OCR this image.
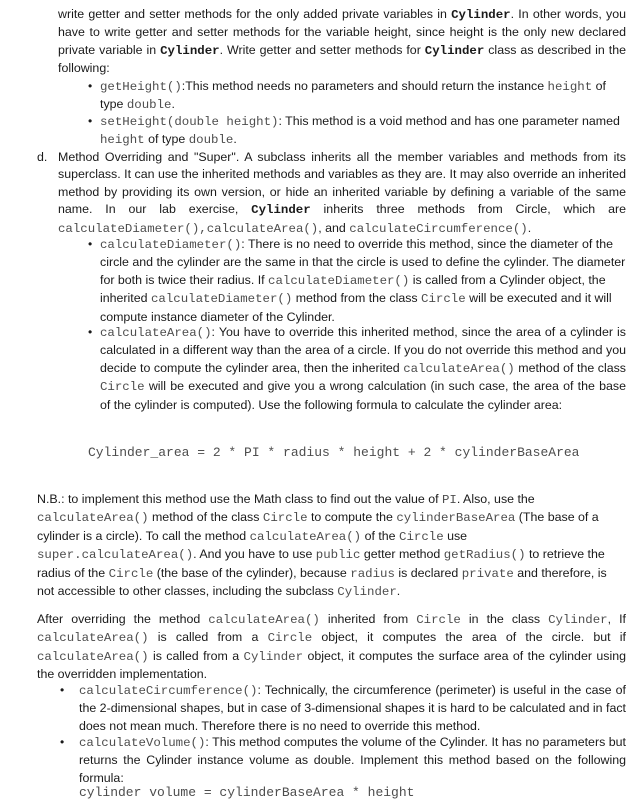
write getter and setter methods for the only added private variables in Cylinder. In other words, you have to write getter and setter methods for the variable height, since height is the only new declared private variable in Cylinder. Write getter and setter methods for Cylinder class as described in the following:
• getHeight():This method needs no parameters and should return the instance height of type double.
• setHeight(double height): This method is a void method and has one parameter named height of type double.
d. Method Overriding and "Super". A subclass inherits all the member variables and methods from its superclass. It can use the inherited methods and variables as they are. It may also override an inherited method by providing its own version, or hide an inherited variable by defining a variable of the same name. In our lab exercise, Cylinder inherits three methods from Circle, which are calculateDiameter(),calculateArea(), and calculateCircumference().
• calculateDiameter(): There is no need to override this method, since the diameter of the circle and the cylinder are the same in that the circle is used to define the cylinder. The diameter for both is twice their radius. If calculateDiameter() is called from a Cylinder object, the inherited calculateDiameter() method from the class Circle will be executed and it will compute instance diameter of the Cylinder.
• calculateArea(): You have to override this inherited method, since the area of a cylinder is calculated in a different way than the area of a circle. If you do not override this method and you decide to compute the cylinder area, then the inherited calculateArea() method of the class Circle will be executed and give you a wrong calculation (in such case, the area of the base of the cylinder is computed). Use the following formula to calculate the cylinder area:
Cylinder_area = 2 * PI * radius * height + 2 * cylinderBaseArea
N.B.: to implement this method use the Math class to find out the value of PI. Also, use the calculateArea() method of the class Circle to compute the cylinderBaseArea (The base of a cylinder is a circle). To call the method calculateArea() of the Circle use super.calculateArea(). And you have to use public getter method getRadius() to retrieve the radius of the Circle (the base of the cylinder), because radius is declared private and therefore, is not accessible to other classes, including the subclass Cylinder.
After overriding the method calculateArea() inherited from Circle in the class Cylinder, If calculateArea() is called from a Circle object, it computes the area of the circle. but if calculateArea() is called from a Cylinder object, it computes the surface area of the cylinder using the overridden implementation.
• calculateCircumference(): Technically, the circumference (perimeter) is useful in the case of the 2-dimensional shapes, but in case of 3-dimensional shapes it is hard to be calculated and in fact does not mean much. Therefore there is no need to override this method.
• calculateVolume(): This method computes the volume of the Cylinder. It has no parameters but returns the Cylinder instance volume as double. Implement this method based on the following formula:
cylinder volume = cylinderBaseArea * height
